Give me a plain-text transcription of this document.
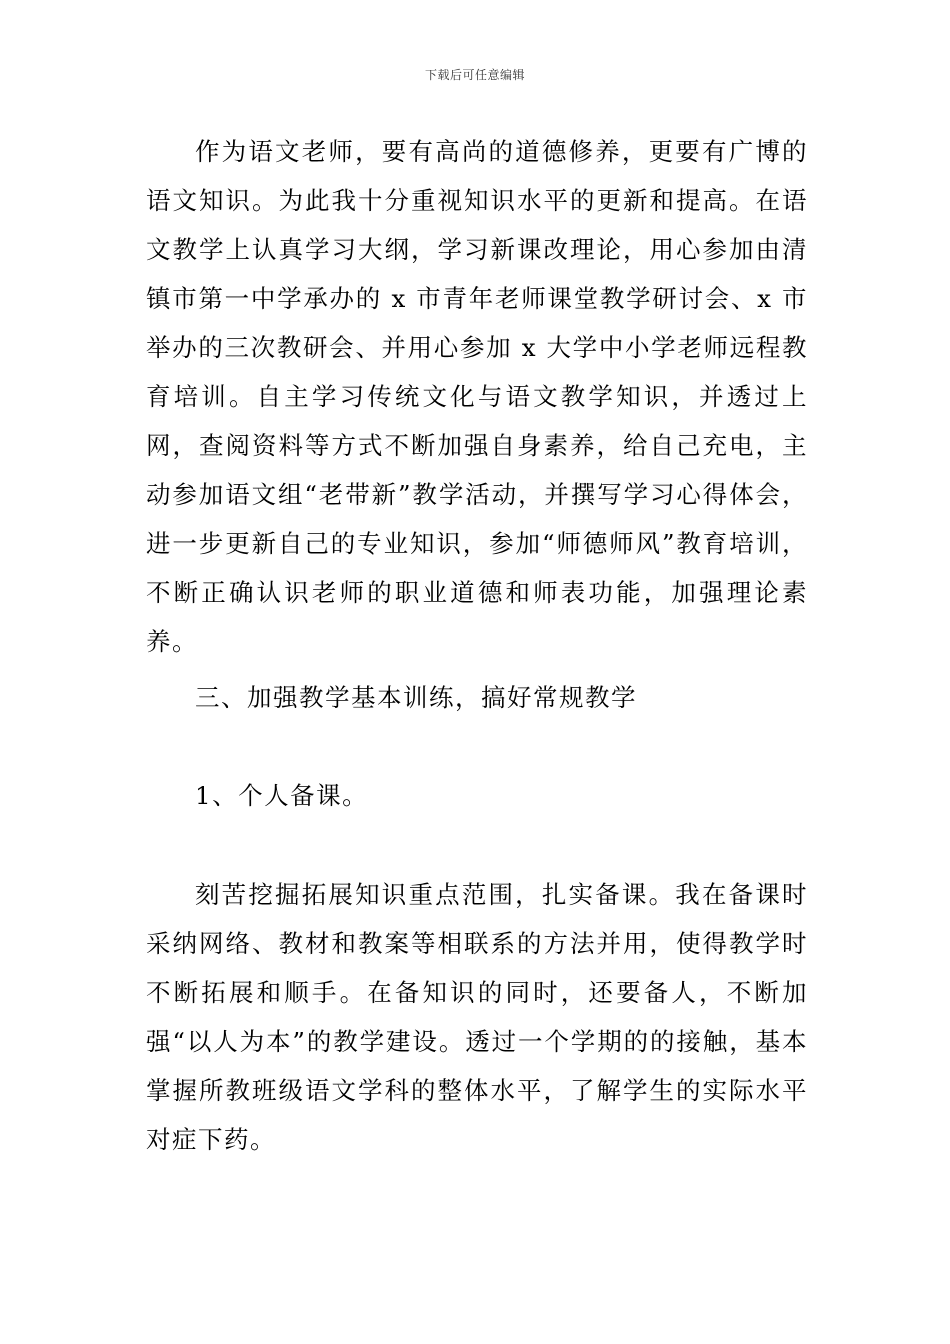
下载后可任意编辑

作为语文老师，要有高尚的道德修养，更要有广博的语文知识。为此我十分重视知识水平的更新和提高。在语文教学上认真学习大纲，学习新课改理论，用心参加由清镇市第一中学承办的 x 市青年老师课堂教学研讨会、x 市举办的三次教研会、并用心参加 x 大学中小学老师远程教育培训。自主学习传统文化与语文教学知识，并透过上网，查阅资料等方式不断加强自身素养，给自己充电，主动参加语文组“老带新”教学活动，并撰写学习心得体会，进一步更新自己的专业知识，参加“师德师风”教育培训，不断正确认识老师的职业道德和师表功能，加强理论素养。

三、加强教学基本训练，搞好常规教学

1、个人备课。

刻苦挖掘拓展知识重点范围，扎实备课。我在备课时采纳网络、教材和教案等相联系的方法并用，使得教学时不断拓展和顺手。在备知识的同时，还要备人，不断加强“以人为本”的教学建设。透过一个学期的的接触，基本掌握所教班级语文学科的整体水平，了解学生的实际水平对症下药。
